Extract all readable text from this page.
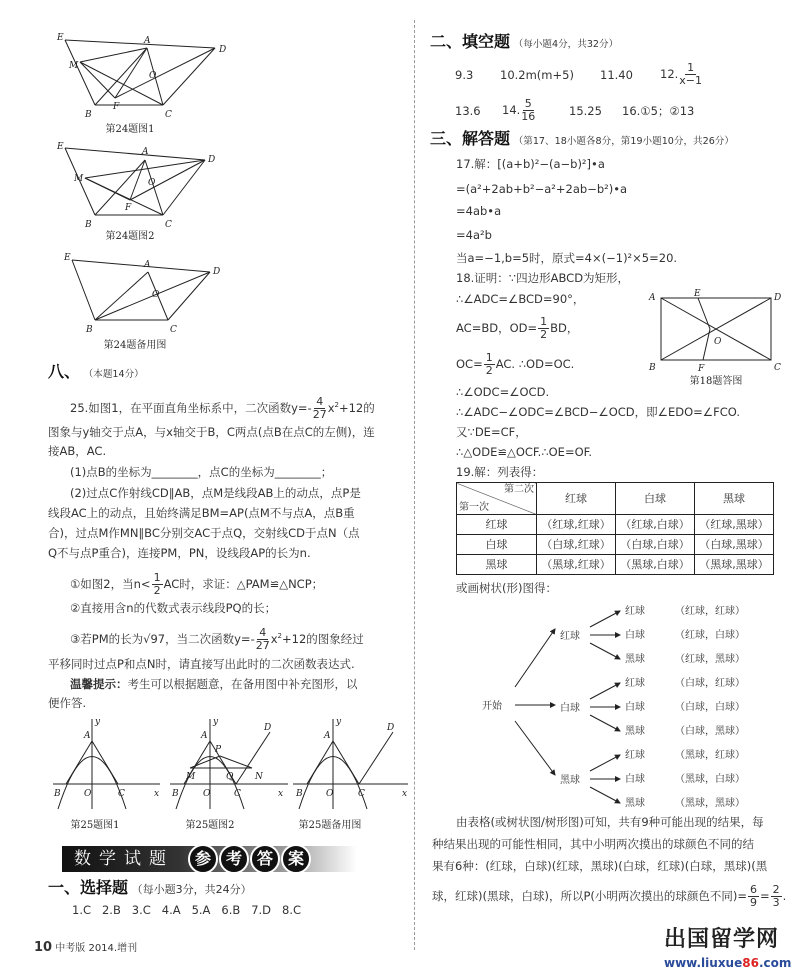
E	A
D
M
O
B
F
C
第24题图1
E	A
D
M	O
F
B	C
第24题图2
E
A
D
O
B	C
第24题备用图
八、 （本题14分）
25.如图1，在平面直角坐标系中，二次函数$y=- \frac{4}{27} x^2+12$的
图象与y轴交于点A，与x轴交于B，C两点(点B在点C的左侧)，连
接AB，AC.
(1)点B的坐标为________，点C的坐标为________；
(2)过点C作射线CD∥AB，点M是线段AB上的动点，点P是
线段AC上的动点，且始终满足BM=AP(点M不与点A，点B重
合)，过点M作MN∥BC分别交AC于点Q，交射线CD于点N（点
Q不与点P重合)，连接PM，PN，设线段AP的长为n.
①如图2，当$n< \frac{1}{2}$ AC时，求证：△PAM≌△NCP；
②直接用含n的代数式表示线段PQ的长；
③若PM的长为√97，当二次函数$y=- \frac{4}{27} x^2+12$的图象经过
平移同时过点P和点N时，请直接写出此时的二次函数表达式.
温馨提示：考生可以根据题意，在备用图中补充图形，以
便作答.
y
A
B	O	C	x
y
A
D
P
M	Q N
B	O	C	x
y
A
D
B	O	C	x
第25题图1	第25题图2	第25题备用图
数学试题	参 考 答 案
一、选择题 （每小题3分，共24分）
1.C   2.B   3.C   4.A   5.A   6.B   7.D   8.C
10 中考版 2014.增刊
二、填空题 （每小题4分，共32分）
9.3 10.2m(m+5) 11.40 12. $\frac{1}{x-1}$
13.6 14. $\frac{5}{16}$	15.25 16.①5；②13
三、解答题 （第17、18小题各8分，第19小题10分，共26分）
17.解：[(a+b)²−(a−b)²]•a
=(a²+2ab+b²−a²+2ab−b²)•a
=4ab•a
=4a²b
当a=−1,b=5时，原式=4×(−1)²×5=20.
18.证明：∵四边形ABCD为矩形，
∴∠ADC=∠BCD=90°，
AC=BD，$OD= \frac{1}{2}$ BD，
$OC= \frac{1}{2}$ AC. ∴OD=OC.
∴∠ODC=∠OCD.
∴∠ADC−∠ODC=∠BCD−∠OCD，即∠EDO=∠FCO.
又∵DE=CF，
∴△ODE≌△OCF.∴OE=OF.
A	E	D
O
B	F	C
第18题答图
19.解：列表得：
第二次
第一次	红球	白球	黑球
红球	（红球,红球）	（红球,白球）	（红球,黑球）
白球	（白球,红球）	（白球,白球）	（白球,黑球）
黑球	（黑球,红球）	（黑球,白球）	（黑球,黑球）
或画树状(形)图得：
开始
红球
白球
黑球
红球
白球
黑球
红球
白球
黑球
红球
白球
黑球
（红球，红球）
（红球，白球）
（红球，黑球）
（白球，红球）
（白球，白球）
（白球，黑球）
（黑球，红球）
（黑球，白球）
（黑球，黑球）
由表格(或树状图/树形图)可知，共有9种可能出现的结果，每
种结果出现的可能性相同，其中小明两次摸出的球颜色不同的结
果有6种：(红球，白球)(红球，黑球)(白球，红球)(白球，黑球)(黑
球，红球)(黑球，白球)，所以P(小明两次摸出的球颜色不同)= $\frac{6}{9} = \frac{2}{3}$ .
出国留学网
www.liuxue86.com
